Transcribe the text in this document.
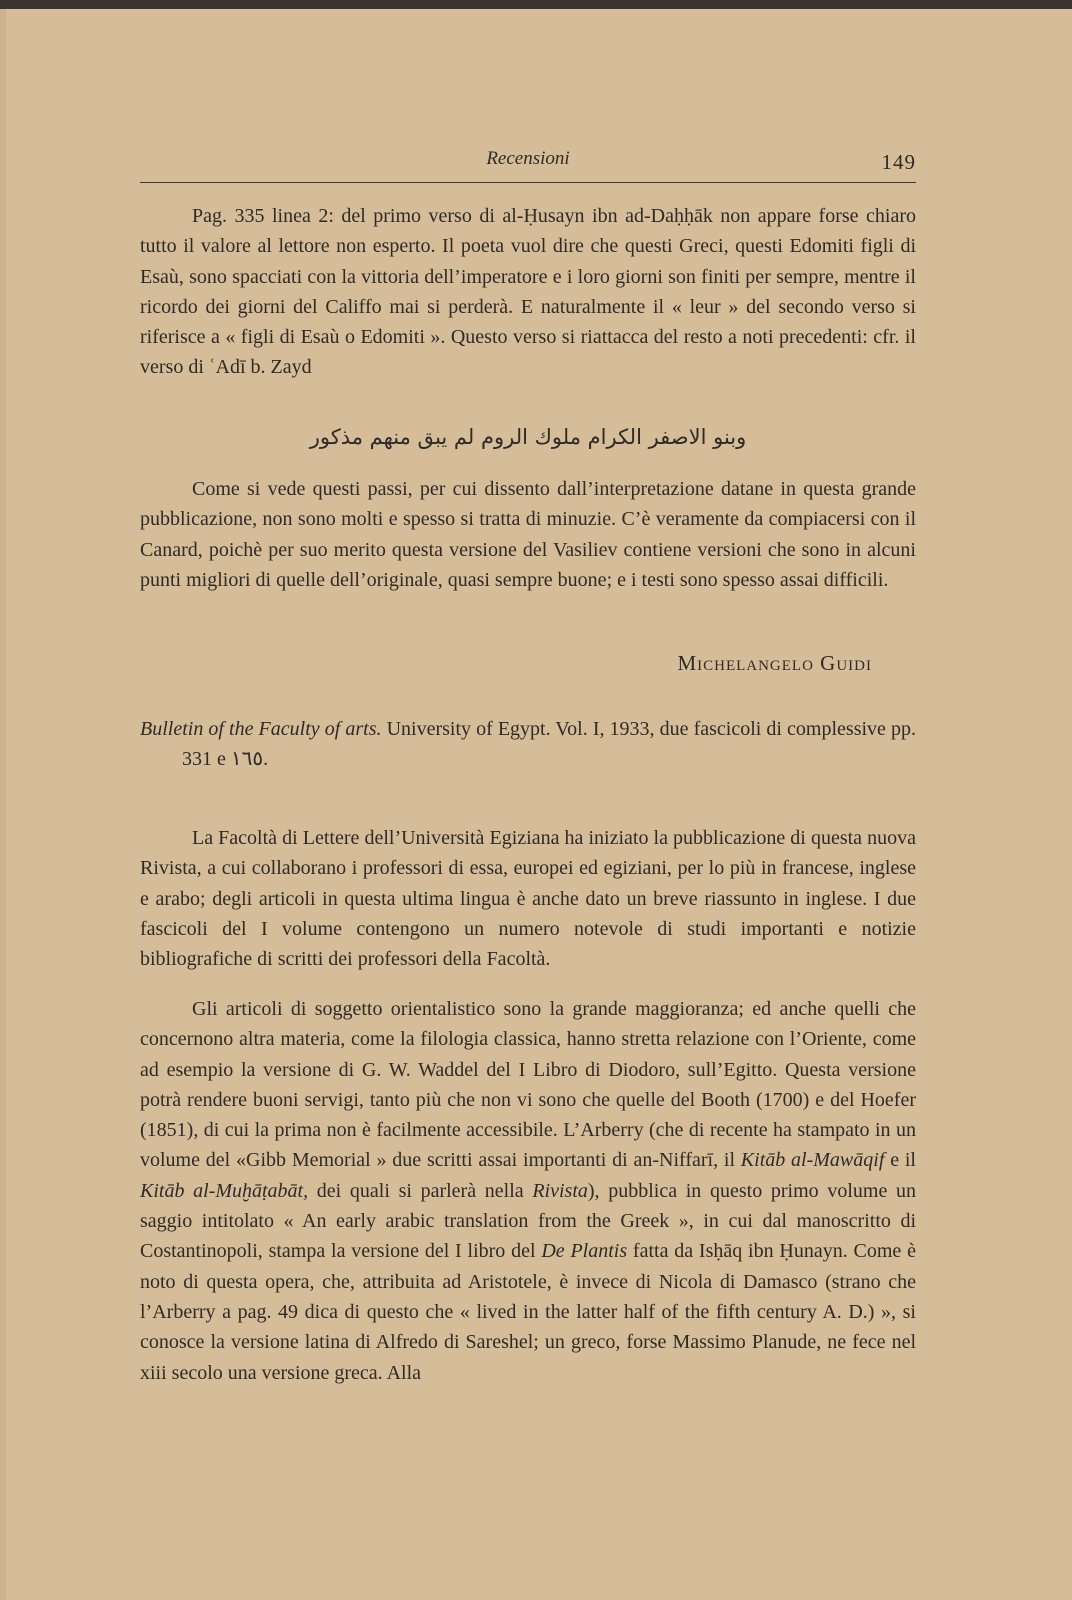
Recensioni	149

Pag. 335 linea 2: del primo verso di al-Ḥusayn ibn ad-Daḥḥāk non appare forse chiaro tutto il valore al lettore non esperto. Il poeta vuol dire che questi Greci, questi Edomiti figli di Esaù, sono spacciati con la vittoria dell’imperatore e i loro giorni son finiti per sempre, mentre il ricordo dei giorni del Califfo mai si perderà. E naturalmente il « leur » del secondo verso si riferisce a « figli di Esaù o Edomiti ». Questo verso si riattacca del resto a noti precedenti: cfr. il verso di ʿAdī b. Zayd

وبنو الاصفر الكرام ملوك الروم لم يبق منهم مذكور

Come si vede questi passi, per cui dissento dall’interpretazione datane in questa grande pubblicazione, non sono molti e spesso si tratta di minuzie. C’è veramente da compiacersi con il Canard, poichè per suo merito questa versione del Vasiliev contiene versioni che sono in alcuni punti migliori di quelle dell’originale, quasi sempre buone; e i testi sono spesso assai difficili.

Michelangelo Guidi

Bulletin of the Faculty of arts. University of Egypt. Vol. I, 1933, due fascicoli di complessive pp. 331 e ١٦٥.

La Facoltà di Lettere dell’Università Egiziana ha iniziato la pubblicazione di questa nuova Rivista, a cui collaborano i professori di essa, europei ed egiziani, per lo più in francese, inglese e arabo; degli articoli in questa ultima lingua è anche dato un breve riassunto in inglese. I due fascicoli del I volume contengono un numero notevole di studi importanti e notizie bibliografiche di scritti dei professori della Facoltà.

Gli articoli di soggetto orientalistico sono la grande maggioranza; ed anche quelli che concernono altra materia, come la filologia classica, hanno stretta relazione con l’Oriente, come ad esempio la versione di G. W. Waddel del I Libro di Diodoro, sull’Egitto. Questa versione potrà rendere buoni servigi, tanto più che non vi sono che quelle del Booth (1700) e del Hoefer (1851), di cui la prima non è facilmente accessibile. L’Arberry (che di recente ha stampato in un volume del «Gibb Memorial » due scritti assai importanti di an-Niffarī, il Kitāb al-Mawāqif e il Kitāb al-Muḫāṭabāt, dei quali si parlerà nella Rivista), pubblica in questo primo volume un saggio intitolato « An early arabic translation from the Greek », in cui dal manoscritto di Costantinopoli, stampa la versione del I libro del De Plantis fatta da Isḥāq ibn Ḥunayn. Come è noto di questa opera, che, attribuita ad Aristotele, è invece di Nicola di Damasco (strano che l’Arberry a pag. 49 dica di questo che « lived in the latter half of the fifth century A. D.) », si conosce la versione latina di Alfredo di Sareshel; un greco, forse Massimo Planude, ne fece nel xiii secolo una versione greca. Alla
